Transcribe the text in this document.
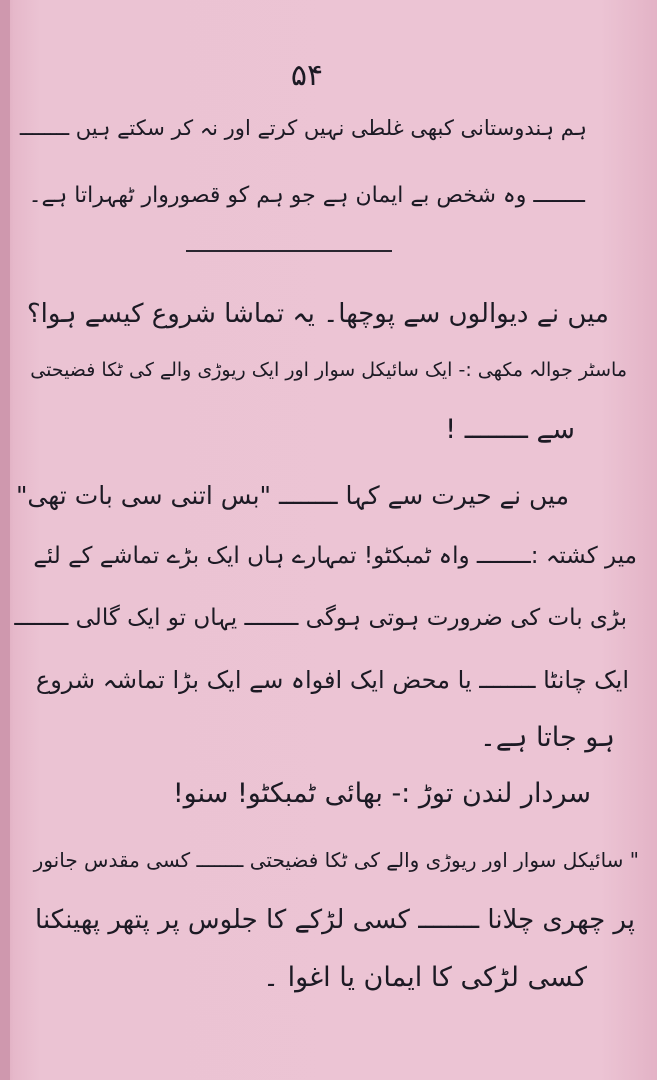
۵۴
ہم ہندوستانی کبھی غلطی نہیں کرتے اور نہ کر سکتے ہیں ــــــــ
ــــــــ وہ شخص بے ایمان ہے جو ہم کو قصوروار ٹھہراتا ہے۔
میں نے دیوالوں سے پوچھا۔ یہ تماشا شروع کیسے ہوا؟
ماسٹر جوالہ مکھی :- ایک سائیکل سوار اور ایک ریوڑی والے کی ٹکا فضیحتی
سے ــــــــ !
میں نے حیرت سے کہا ــــــــ "بس اتنی سی بات تھی"
میر کشتہ :ــــــــ واہ ٹمبکٹو! تمہارے ہاں ایک بڑے تماشے کے لئے
بڑی بات کی ضرورت ہوتی ہوگی ــــــــ یہاں تو ایک گالی ــــــــ
ایک چانٹا ــــــــ یا محض ایک افواہ سے ایک بڑا تماشہ شروع
ہو جاتا ہے۔
سردار لندن توڑ :- بھائی ٹمبکٹو! سنو!
" سائیکل سوار اور ریوڑی والے کی ٹکا فضیحتی ــــــــ کسی مقدس جانور
پر چھری چلانا ــــــــ کسی لڑکے کا جلوس پر پتھر پھینکنا
کسی لڑکی کا ایمان یا اغوا ۔
